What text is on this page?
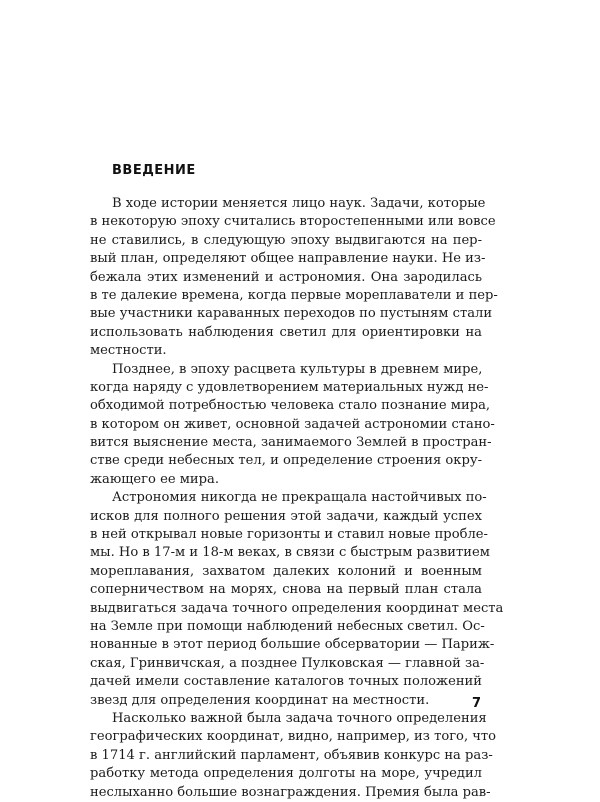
ВВЕДЕНИЕ
В ходе истории меняется лицо наук. Задачи, которые
в некоторую эпоху считались второстепенными или вовсе
не ставились, в следующую эпоху выдвигаются на пер-
вый план, определяют общее направление науки. Не из-
бежала этих изменений и астрономия. Она зародилась
в те далекие времена, когда первые мореплаватели и пер-
вые участники караванных переходов по пустыням стали
использовать наблюдения светил для ориентировки на
местности.
Позднее, в эпоху расцвета культуры в древнем мире,
когда наряду с удовлетворением материальных нужд не-
обходимой потребностью человека стало познание мира,
в котором он живет, основной задачей астрономии стано-
вится выяснение места, занимаемого Землей в простран-
стве среди небесных тел, и определение строения окру-
жающего ее мира.
Астрономия никогда не прекращала настойчивых по-
исков для полного решения этой задачи, каждый успех
в ней открывал новые горизонты и ставил новые пробле-
мы. Но в 17-м и 18-м веках, в связи с быстрым развитием
мореплавания, захватом далеких колоний и военным
соперничеством на морях, снова на первый план стала
выдвигаться задача точного определения координат места
на Земле при помощи наблюдений небесных светил. Ос-
нованные в этот период большие обсерватории — Париж-
ская, Гринвичская, а позднее Пулковская — главной за-
дачей имели составление каталогов точных положений
звезд для определения координат на местности.
Насколько важной была задача точного определения
географических координат, видно, например, из того, что
в 1714 г. английский парламент, объявив конкурс на раз-
работку метода определения долготы на море, учредил
неслыханно большие вознаграждения. Премия была рав-
7
